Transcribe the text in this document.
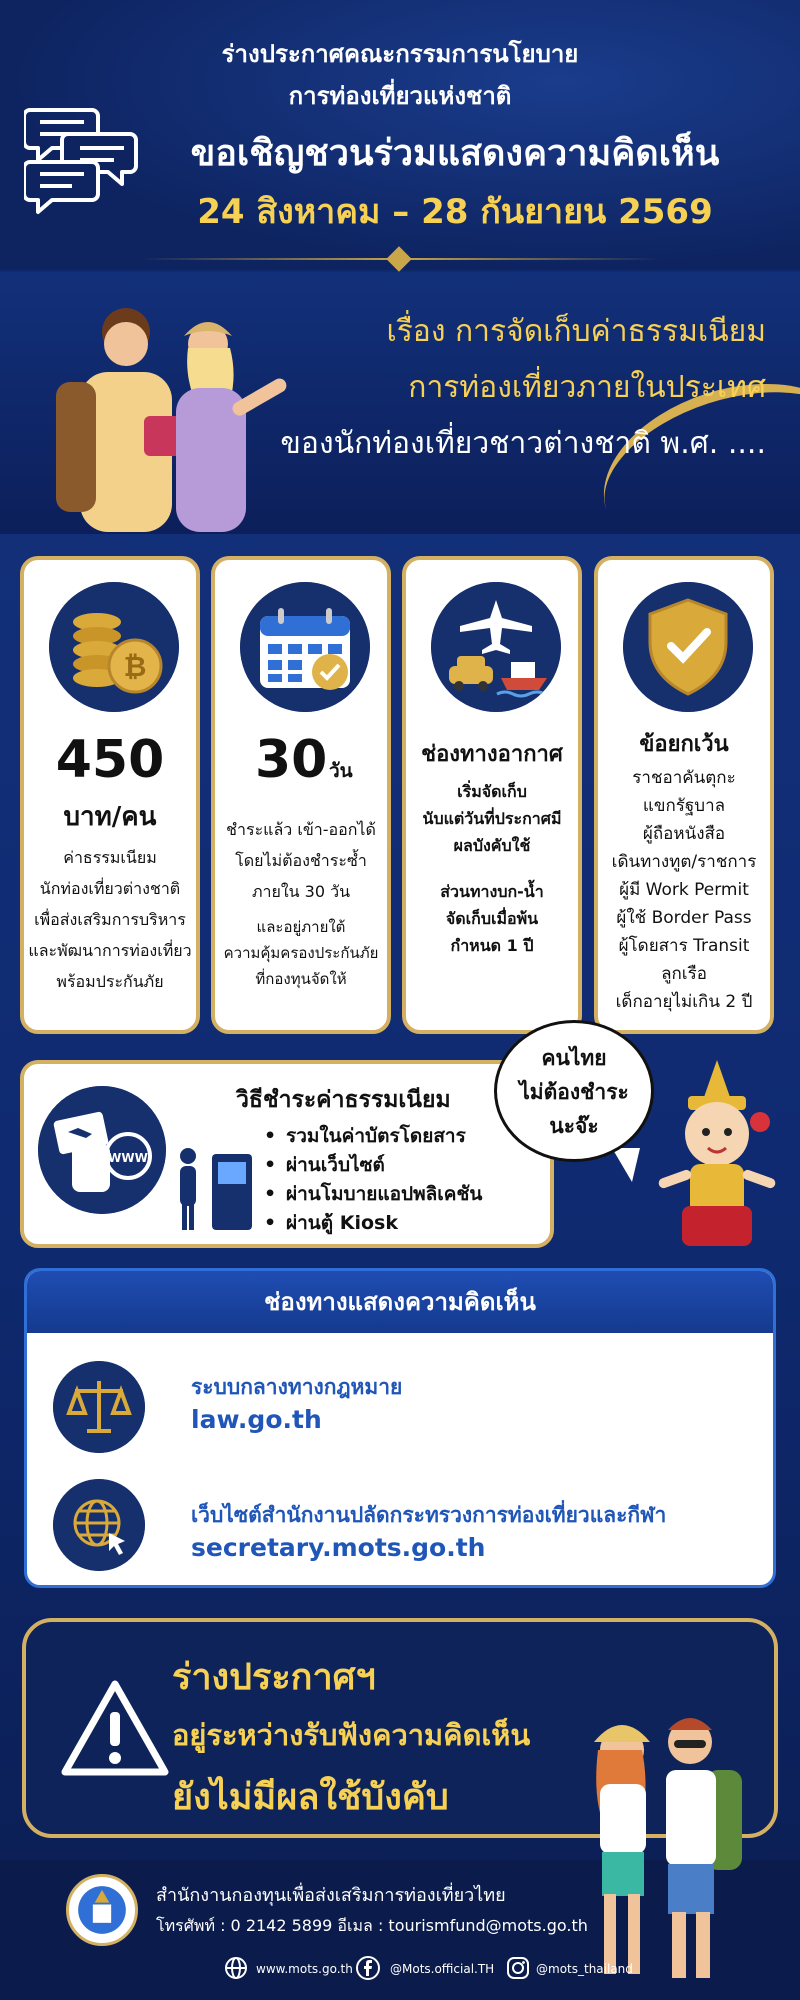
ร่างประกาศคณะกรรมการนโยบาย
การท่องเที่ยวแห่งชาติ
ขอเชิญชวนร่วมแสดงความคิดเห็น
24 สิงหาคม – 28 กันยายน 2569
เรื่อง การจัดเก็บค่าธรรมเนียม
การท่องเที่ยวภายในประเทศ
ของนักท่องเที่ยวชาวต่างชาติ พ.ศ. ....
₿
450
บาท/คน
ค่าธรรมเนียม
นักท่องเที่ยวต่างชาติ
เพื่อส่งเสริมการบริหาร
และพัฒนาการท่องเที่ยว
พร้อมประกันภัย
30 วัน
ชำระแล้ว เข้า-ออกได้
โดยไม่ต้องชำระซ้ำ
ภายใน 30 วัน
และอยู่ภายใต้
ความคุ้มครองประกันภัย
ที่กองทุนจัดให้
ช่องทางอากาศ
เริ่มจัดเก็บ
นับแต่วันที่ประกาศมี
ผลบังคับใช้
ส่วนทางบก-น้ำ
จัดเก็บเมื่อพ้น
กำหนด 1 ปี
ข้อยกเว้น
ราชอาคันตุกะ
แขกรัฐบาล
ผู้ถือหนังสือ
เดินทางทูต/ราชการ
ผู้มี Work Permit
ผู้ใช้ Border Pass
ผู้โดยสาร Transit
ลูกเรือ
เด็กอายุไม่เกิน 2 ปี
WWW
วิธีชำระค่าธรรมเนียม
• รวมในค่าบัตรโดยสาร
• ผ่านเว็บไซต์
• ผ่านโมบายแอปพลิเคชัน
• ผ่านตู้ Kiosk
คนไทย
ไม่ต้องชำระ
นะจ๊ะ
ช่องทางแสดงความคิดเห็น
ระบบกลางทางกฎหมาย
law.go.th
เว็บไซต์สำนักงานปลัดกระทรวงการท่องเที่ยวและกีฬา
secretary.mots.go.th
ร่างประกาศฯ
อยู่ระหว่างรับฟังความคิดเห็น
ยังไม่มีผลใช้บังคับ
สำนักงานกองทุนเพื่อส่งเสริมการท่องเที่ยวไทย
โทรศัพท์ : 0 2142 5899 อีเมล : tourismfund@mots.go.th
www.mots.go.th	@Mots.official.TH	@mots_thailand
